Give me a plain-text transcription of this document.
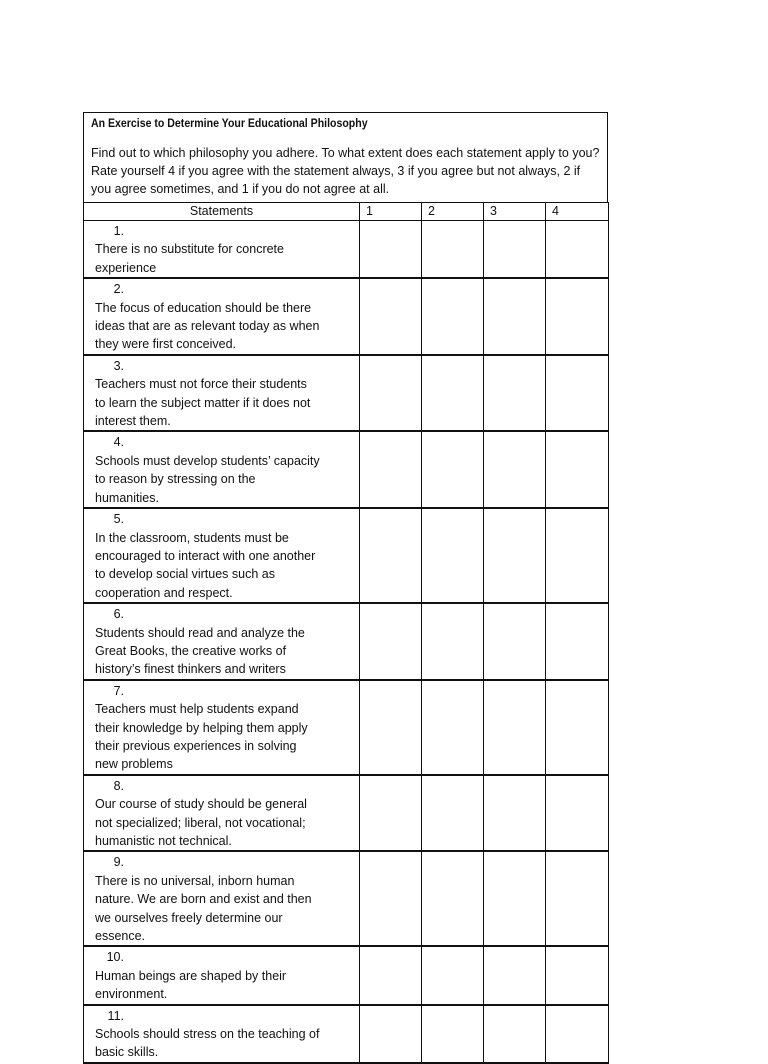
An Exercise to Determine Your Educational Philosophy

Find out to which philosophy you adhere. To what extent does each statement apply to you? Rate yourself 4 if you agree with the statement always, 3 if you agree but not always, 2 if you agree sometimes, and 1 if you do not agree at all.

Statements	1	2	3	4
1.There is no substitute for concrete experience				
2.The focus of education should be there ideas that are as relevant today as when they were first conceived.				
3.Teachers must not force their students to learn the subject matter if it does not interest them.				
4.Schools must develop students’ capacity to reason by stressing on the humanities.				
5.In the classroom, students must be encouraged to interact with one another to develop social virtues such as cooperation and respect.				
6.Students should read and analyze the Great Books, the creative works of history’s finest thinkers and writers				
7.Teachers must help students expand their knowledge by helping them apply their previous experiences in solving new problems				
8.Our course of study should be general not specialized; liberal, not vocational; humanistic not technical.				
9.There is no universal, inborn human nature. We are born and exist and then we ourselves freely determine our essence.				
10.Human beings are shaped by their environment.				
11.Schools should stress on the teaching of basic skills.				
